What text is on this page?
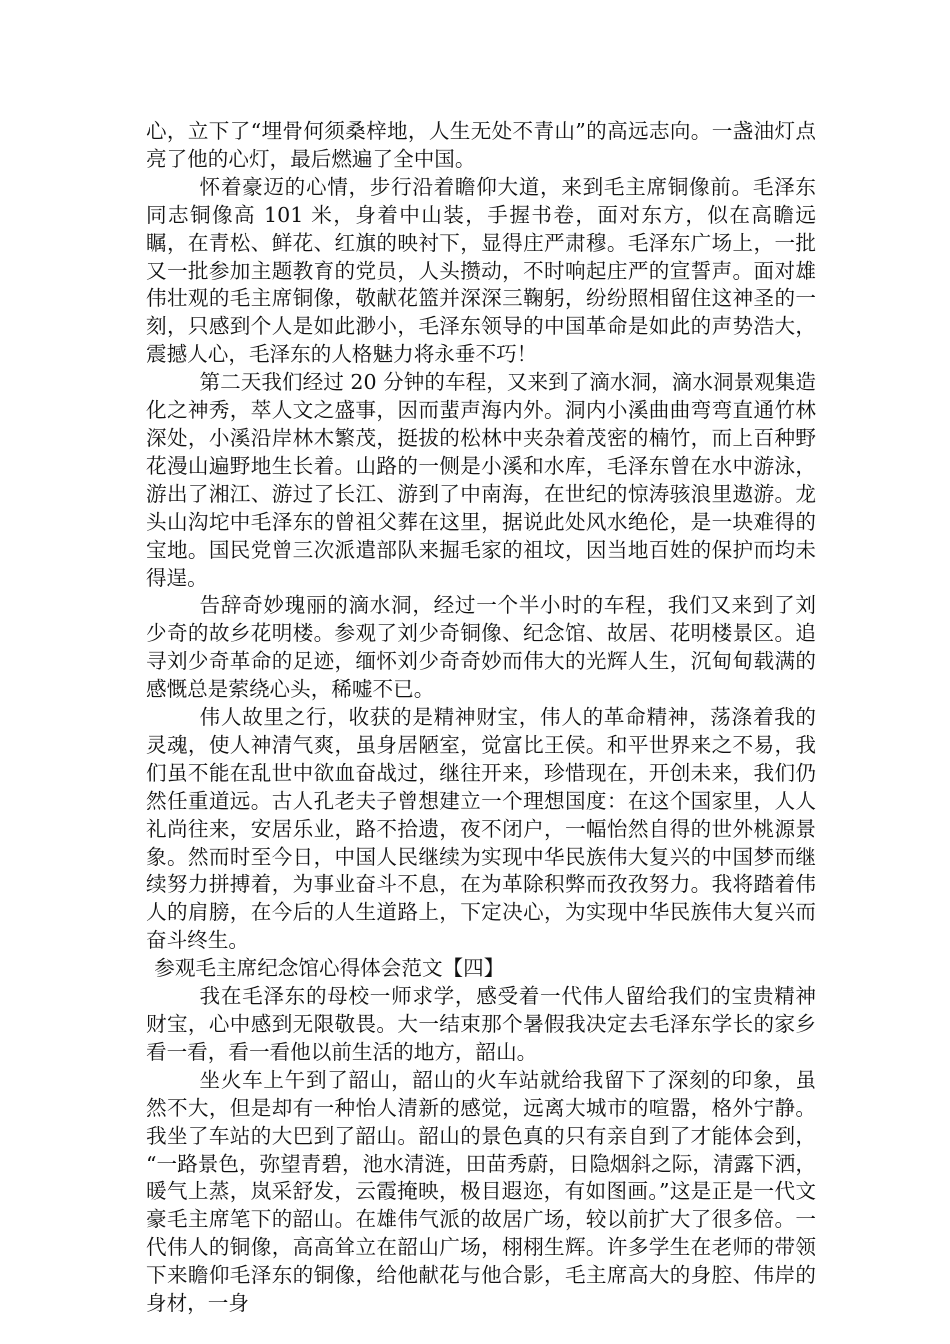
心，立下了“埋骨何须桑梓地，人生无处不青山”的高远志向。一盏油灯点亮了他的心灯，最后燃遍了全中国。

怀着豪迈的心情，步行沿着瞻仰大道，来到毛主席铜像前。毛泽东同志铜像高 101 米，身着中山装，手握书卷，面对东方，似在高瞻远瞩，在青松、鲜花、红旗的映衬下，显得庄严肃穆。毛泽东广场上，一批又一批参加主题教育的党员，人头攒动，不时响起庄严的宣誓声。面对雄伟壮观的毛主席铜像，敬献花篮并深深三鞠躬，纷纷照相留住这神圣的一刻，只感到个人是如此渺小，毛泽东领导的中国革命是如此的声势浩大，震撼人心，毛泽东的人格魅力将永垂不巧！

第二天我们经过 20 分钟的车程，又来到了滴水洞，滴水洞景观集造化之神秀，萃人文之盛事，因而蜚声海内外。洞内小溪曲曲弯弯直通竹林深处，小溪沿岸林木繁茂，挺拔的松林中夹杂着茂密的楠竹，而上百种野花漫山遍野地生长着。山路的一侧是小溪和水库，毛泽东曾在水中游泳，游出了湘江、游过了长江、游到了中南海，在世纪的惊涛骇浪里遨游。龙头山沟坨中毛泽东的曾祖父葬在这里，据说此处风水绝伦，是一块难得的宝地。国民党曾三次派遣部队来掘毛家的祖坟，因当地百姓的保护而均未得逞。

告辞奇妙瑰丽的滴水洞，经过一个半小时的车程，我们又来到了刘少奇的故乡花明楼。参观了刘少奇铜像、纪念馆、故居、花明楼景区。追寻刘少奇革命的足迹，缅怀刘少奇奇妙而伟大的光辉人生，沉甸甸载满的感慨总是萦绕心头，稀嘘不已。

伟人故里之行，收获的是精神财宝，伟人的革命精神，荡涤着我的灵魂，使人神清气爽，虽身居陋室，觉富比王侯。和平世界来之不易，我们虽不能在乱世中欲血奋战过，继往开来，珍惜现在，开创未来，我们仍然任重道远。古人孔老夫子曾想建立一个理想国度：在这个国家里，人人礼尚往来，安居乐业，路不拾遗，夜不闭户，一幅怡然自得的世外桃源景象。然而时至今日，中国人民继续为实现中华民族伟大复兴的中国梦而继续努力拼搏着，为事业奋斗不息，在为革除积弊而孜孜努力。我将踏着伟人的肩膀，在今后的人生道路上，下定决心，为实现中华民族伟大复兴而奋斗终生。

参观毛主席纪念馆心得体会范文【四】

我在毛泽东的母校一师求学，感受着一代伟人留给我们的宝贵精神财宝，心中感到无限敬畏。大一结束那个暑假我决定去毛泽东学长的家乡看一看，看一看他以前生活的地方，韶山。

坐火车上午到了韶山，韶山的火车站就给我留下了深刻的印象，虽然不大，但是却有一种怡人清新的感觉，远离大城市的喧嚣，格外宁静。我坐了车站的大巴到了韶山。韶山的景色真的只有亲自到了才能体会到， “一路景色，弥望青碧，池水清涟，田苗秀蔚，日隐烟斜之际，清露下洒，暖气上蒸，岚采舒发，云霞掩映，极目遐迩，有如图画。”这是正是一代文豪毛主席笔下的韶山。在雄伟气派的故居广场，较以前扩大了很多倍。一代伟人的铜像，高高耸立在韶山广场，栩栩生辉。许多学生在老师的带领下来瞻仰毛泽东的铜像，给他献花与他合影，毛主席高大的身腔、伟岸的身材，一身
